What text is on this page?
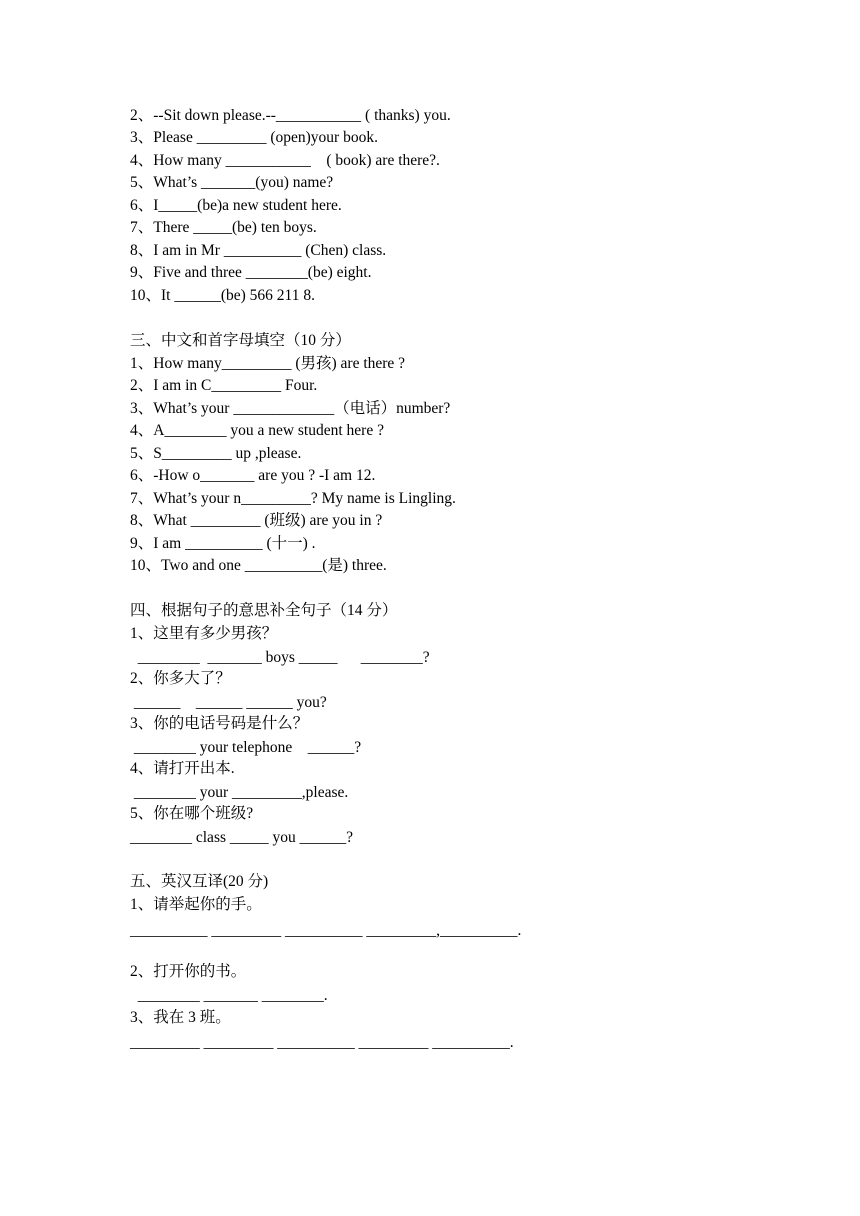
2、--Sit down please.--___________ ( thanks) you.
3、Please _________ (open)your book.
4、How many ___________    ( book) are there?.
5、What’s _______(you) name?
6、I_____(be)a new student here.
7、There _____(be) ten boys.
8、I am in Mr __________ (Chen) class.
9、Five and three ________(be) eight.
10、It ______(be) 566 211 8.
三、中文和首字母填空（10 分）
1、How many_________ (男孩) are there ?
2、I am in C_________ Four.
3、What’s your _____________（电话）number?
4、A________ you a new student here ?
5、S_________ up ,please.
6、-How o_______ are you ? -I am 12.
7、What’s your n_________? My name is Lingling.
8、What _________ (班级) are you in ?
9、I am __________ (十一) .
10、Two and one __________(是) three.
四、根据句子的意思补全句子（14 分）
1、这里有多少男孩？
________  _______ boys _____      ________?
2、你多大了？
______    ______ ______ you?
3、你的电话号码是什么？
________ your telephone    ______?
4、请打开出本.
________ your _________,please.
5、你在哪个班级?
________ class _____ you ______?
五、英汉互译(20 分)
1、请举起你的手。
__________ _________ __________ _________,__________.
2、打开你的书。
________ _______ ________.
3、我在 3 班。
_________ _________ __________ _________ __________.
